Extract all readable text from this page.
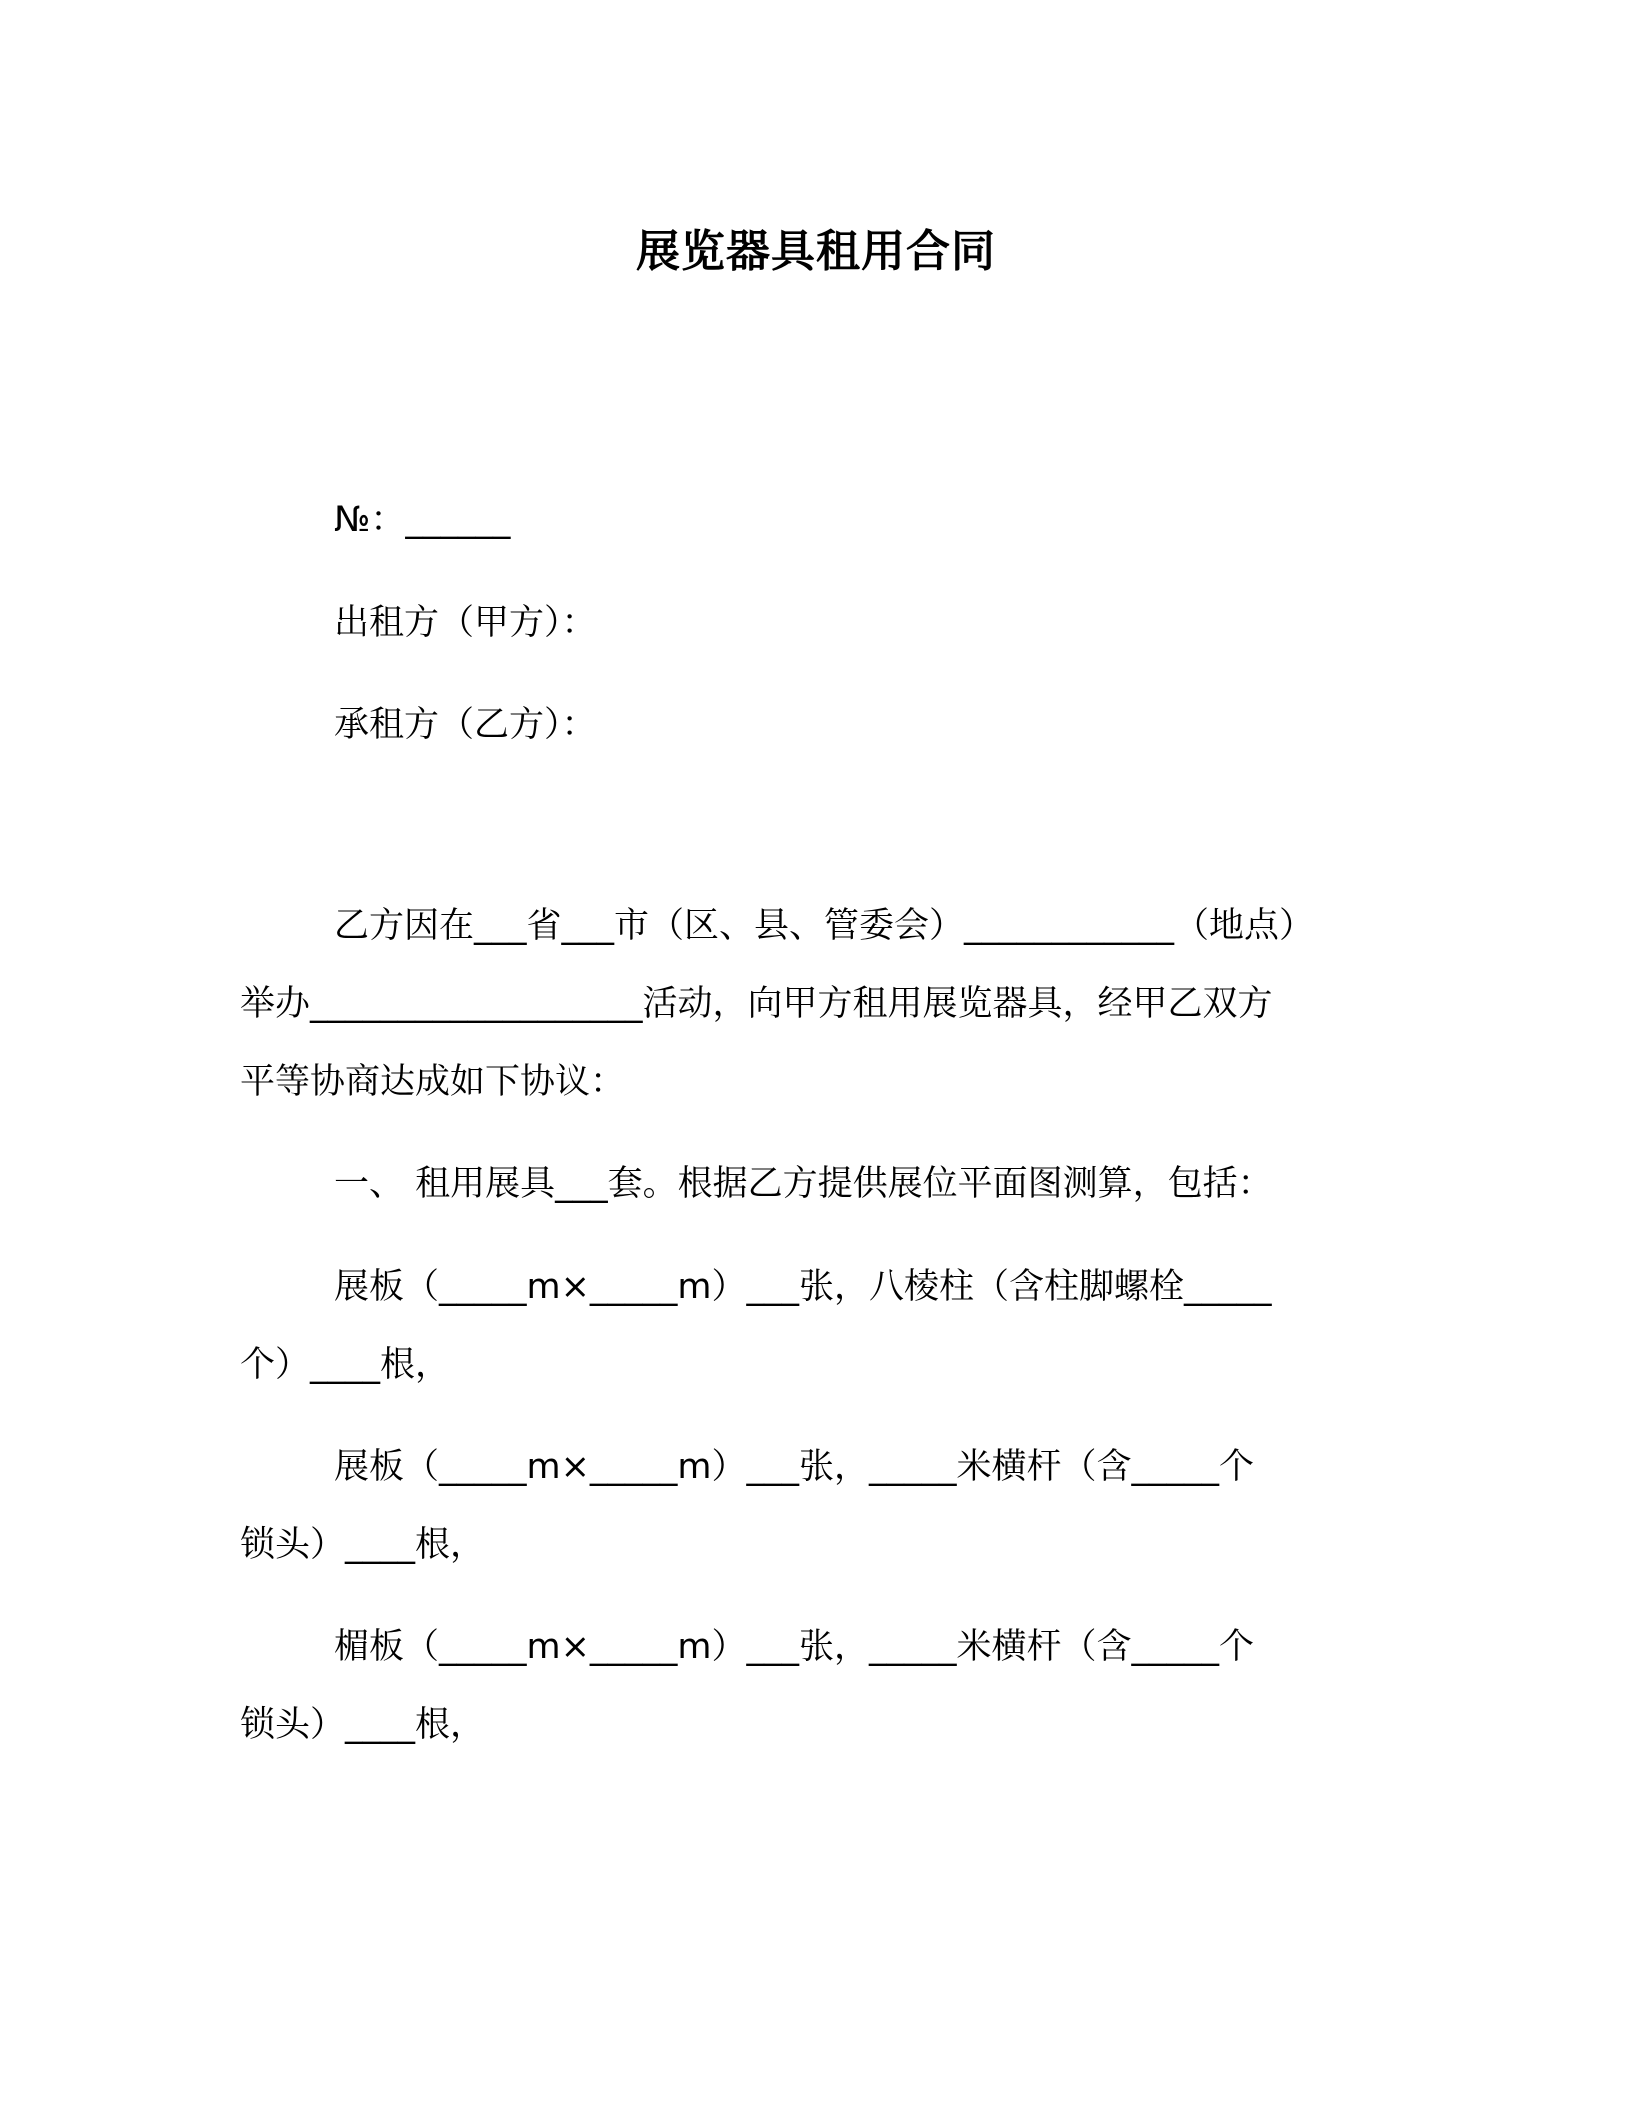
展览器具租用合同
№：______
出租方（甲方）：
承租方（乙方）：
乙方因在___省___市（区、县、管委会）____________（地点）
举办___________________活动，向甲方租用展览器具，经甲乙双方
平等协商达成如下协议：
一、 租用展具___套。根据乙方提供展位平面图测算，包括：
展板（_____m×_____m）___张，八棱柱（含柱脚螺栓_____
个）____根，
展板（_____m×_____m）___张，_____米横杆（含_____个
锁头）____根，
楣板（_____m×_____m）___张，_____米横杆（含_____个
锁头）____根，
